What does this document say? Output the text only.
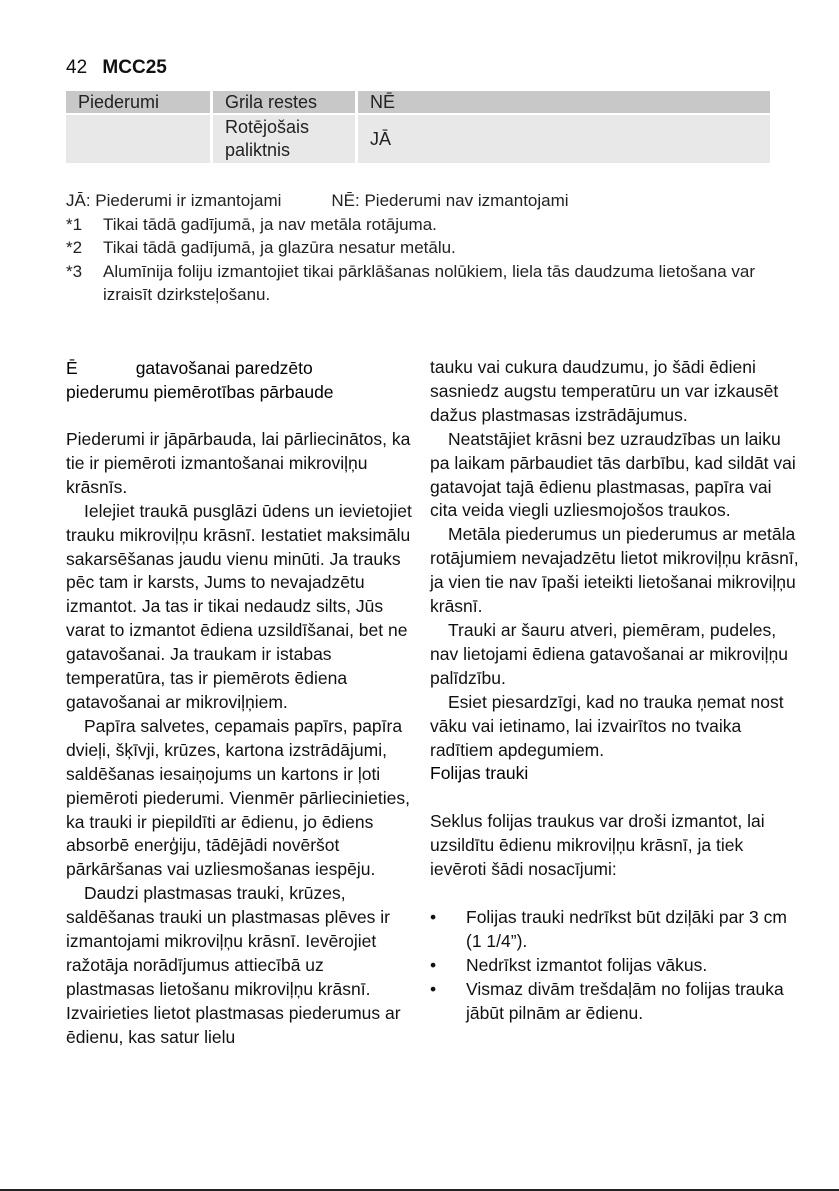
42 MCC25
Piederumi	Grila restes	NĒ
	Rotējošais paliktnis	JĀ
JĀ: Piederumi ir izmantojami	NĒ: Piederumi nav izmantojami
*1	Tikai tādā gadījumā, ja nav metāla rotājuma.
*2	Tikai tādā gadījumā, ja glazūra nesatur metālu.
*3	Alumīnija foliju izmantojiet tikai pārklāšanas nolūkiem, liela tās daudzuma lietošana var izraisīt dzirksteļošanu.
Ē	gatavošanai paredzēto
piederumu piemērotības pārbaude

Piederumi ir jāpārbauda, lai pārliecinātos, ka tie ir piemēroti izmantošanai mikroviļņu krāsnīs.

Ielejiet traukā pusglāzi ūdens un ievietojiet trauku mikroviļņu krāsnī. Iestatiet maksimālu sakarsēšanas jaudu vienu minūti. Ja trauks pēc tam ir karsts, Jums to nevajadzētu izmantot. Ja tas ir tikai nedaudz silts, Jūs varat to izmantot ēdiena uzsildīšanai, bet ne gatavošanai. Ja traukam ir istabas temperatūra, tas ir piemērots ēdiena gatavošanai ar mikroviļņiem.

Papīra salvetes, cepamais papīrs, papīra dvieļi, šķīvji, krūzes, kartona izstrādājumi, saldēšanas iesaiņojums un kartons ir ļoti piemēroti piederumi. Vienmēr pārliecinieties, ka trauki ir piepildīti ar ēdienu, jo ēdiens absorbē enerģiju, tādējādi novēršot pārkāršanas vai uzliesmošanas iespēju.

Daudzi plastmasas trauki, krūzes, saldēšanas trauki un plastmasas plēves ir izmantojami mikroviļņu krāsnī. Ievērojiet ražotāja norādījumus attiecībā uz plastmasas lietošanu mikroviļņu krāsnī. Izvairieties lietot plastmasas piederumus ar ēdienu, kas satur lielu

tauku vai cukura daudzumu, jo šādi ēdieni sasniedz augstu temperatūru un var izkausēt dažus plastmasas izstrādājumus.

Neatstājiet krāsni bez uzraudzības un laiku pa laikam pārbaudiet tās darbību, kad sildāt vai gatavojat tajā ēdienu plastmasas, papīra vai cita veida viegli uzliesmojošos traukos.

Metāla piederumus un piederumus ar metāla rotājumiem nevajadzētu lietot mikroviļņu krāsnī, ja vien tie nav īpaši ieteikti lietošanai mikroviļņu krāsnī.

Trauki ar šauru atveri, piemēram, pudeles, nav lietojami ēdiena gatavošanai ar mikroviļņu palīdzību.

Esiet piesardzīgi, kad no trauka ņemat nost vāku vai ietinamo, lai izvairītos no tvaika radītiem apdegumiem.

Folijas trauki

Seklus folijas traukus var droši izmantot, lai uzsildītu ēdienu mikroviļņu krāsnī, ja tiek ievēroti šādi nosacījumi:

•	Folijas trauki nedrīkst būt dziļāki par 3 cm (1 1/4”).
•	Nedrīkst izmantot folijas vākus.
•	Vismaz divām trešdaļām no folijas trauka jābūt pilnām ar ēdienu.
